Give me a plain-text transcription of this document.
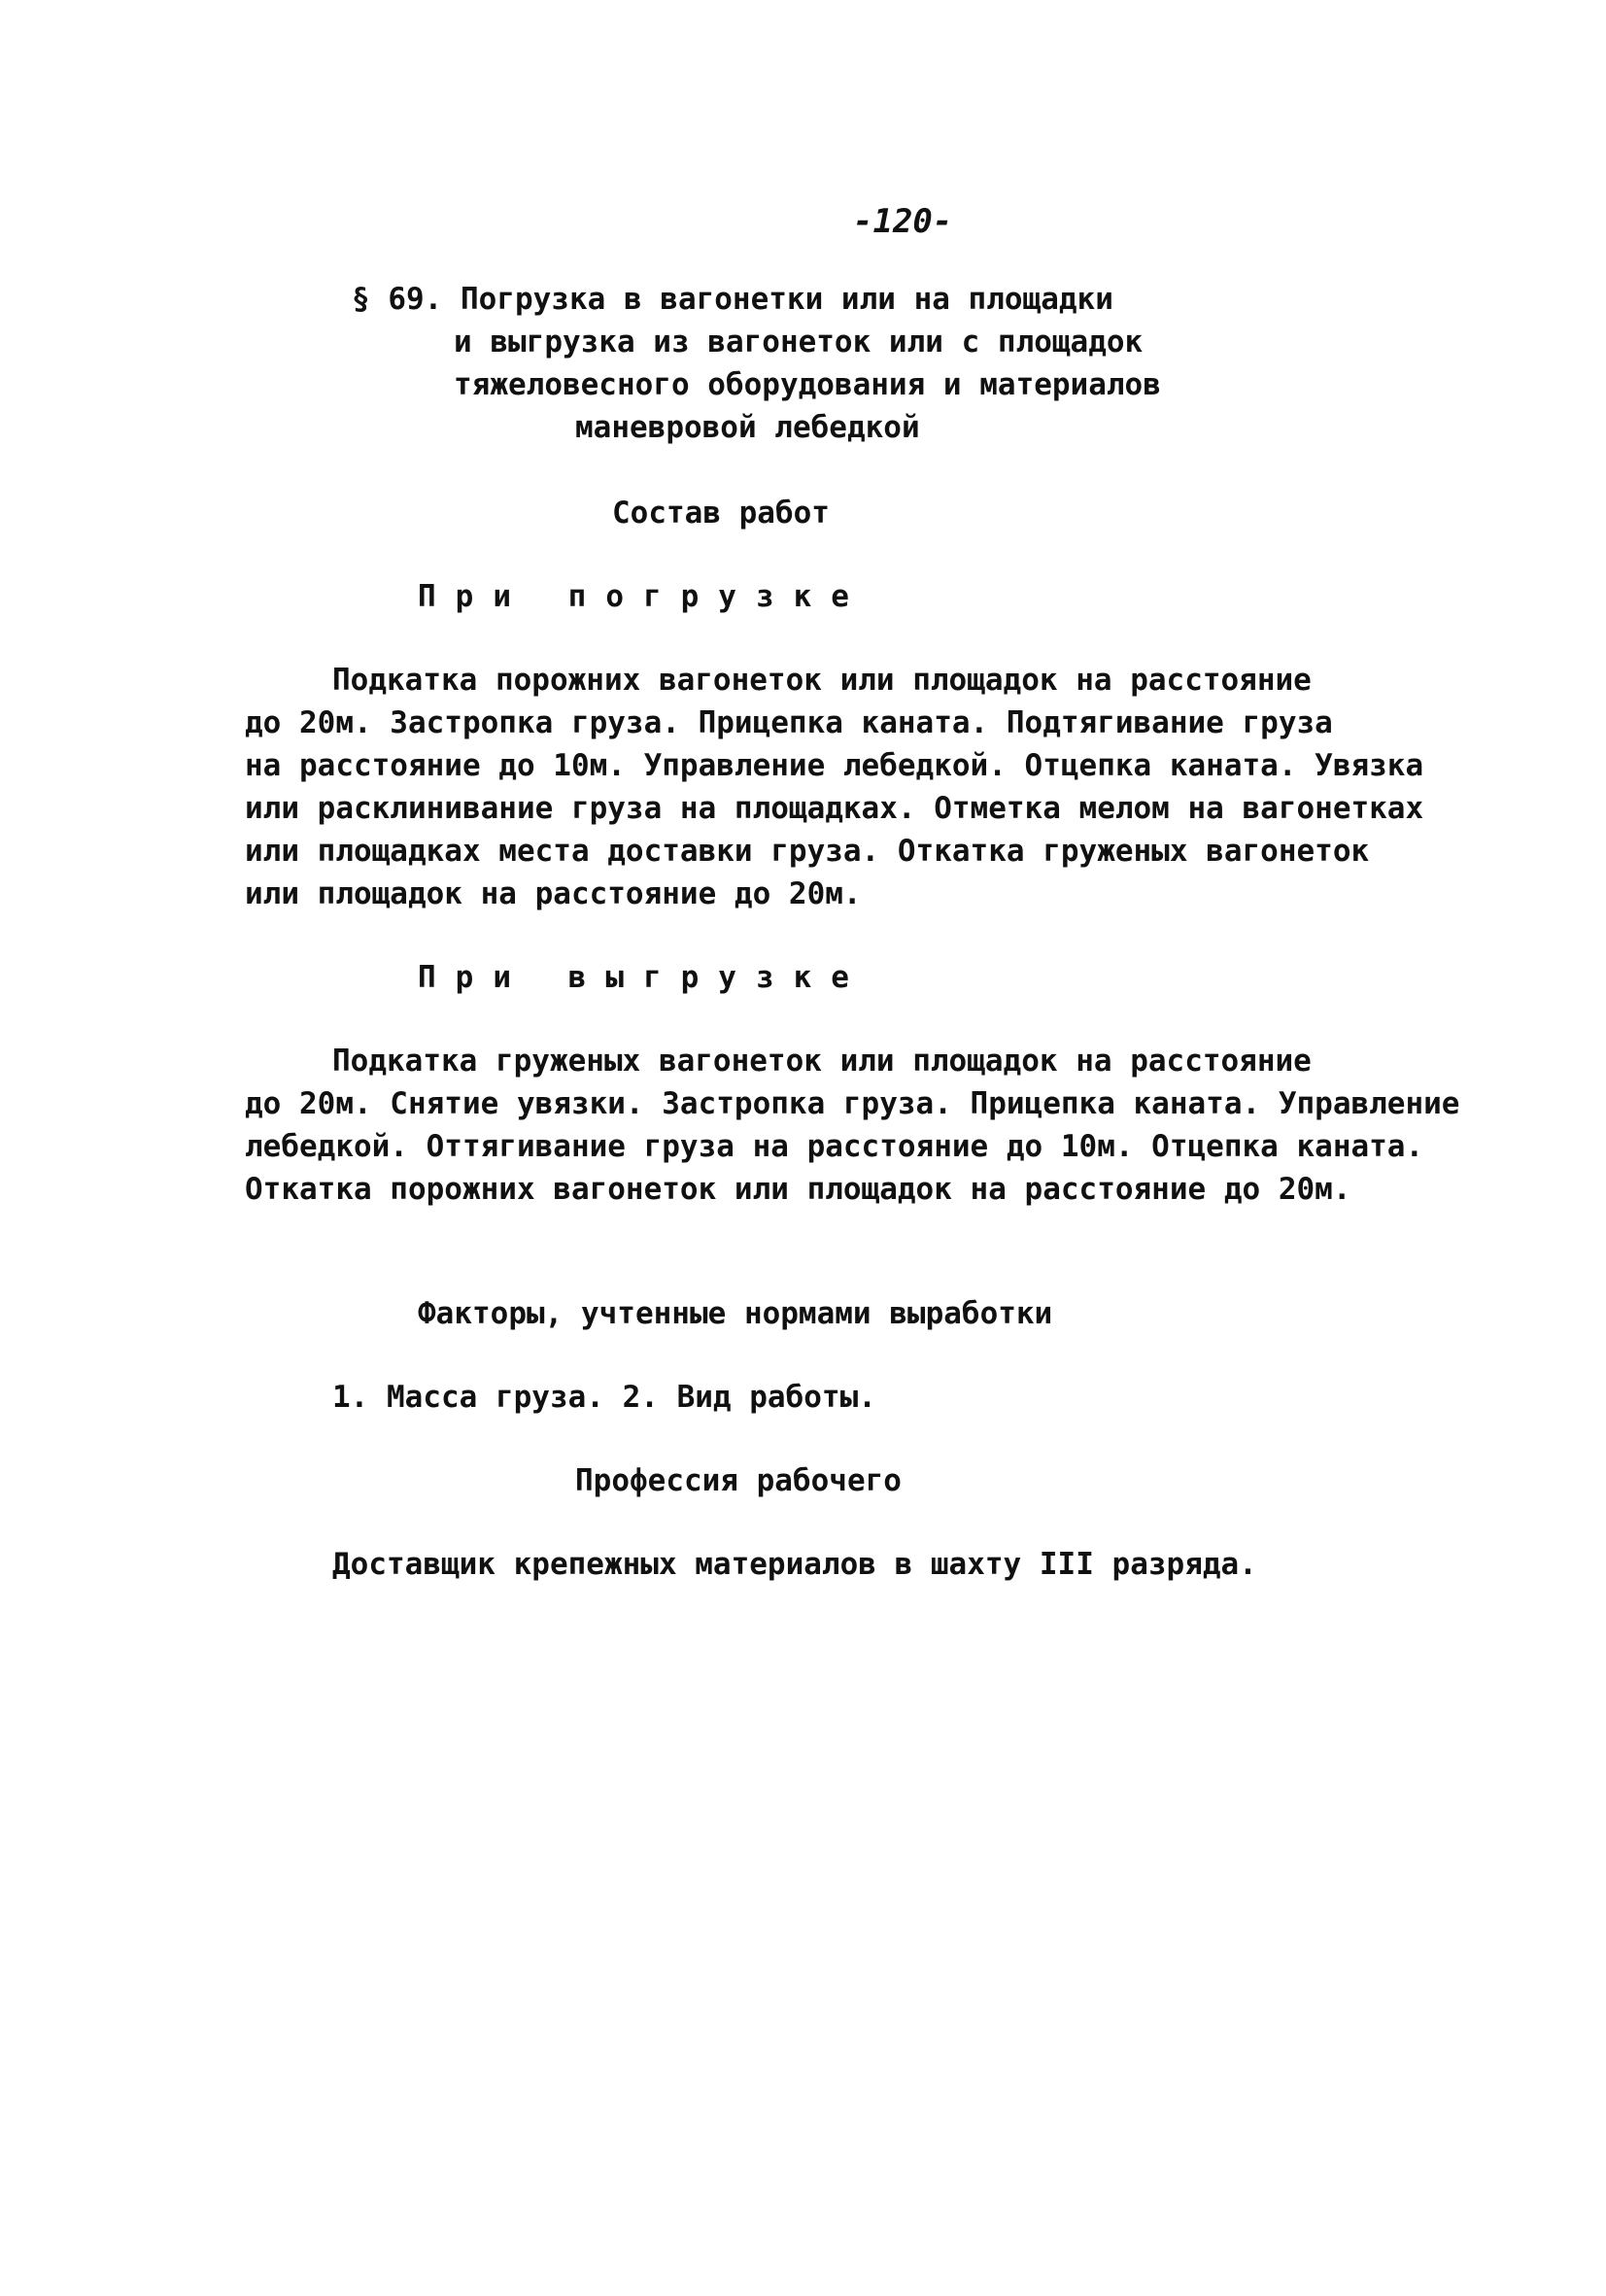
-120-
§ 69. Погрузка в вагонетки или на площадки
и выгрузка из вагонеток или с площадок
тяжеловесного оборудования и материалов
маневровой лебедкой
Состав работ
При погрузке
Подкатка порожних вагонеток или площадок на расстояние
до 20м. Застропка груза. Прицепка каната. Подтягивание груза
на расстояние до 10м. Управление лебедкой. Отцепка каната. Увязка
или расклинивание груза на площадках. Отметка мелом на вагонетках
или площадках места доставки груза. Откатка груженых вагонеток
или площадок на расстояние до 20м.
При выгрузке
Подкатка груженых вагонеток или площадок на расстояние
до 20м. Снятие увязки. Застропка груза. Прицепка каната. Управление
лебедкой. Оттягивание груза на расстояние до 10м. Отцепка каната.
Откатка порожних вагонеток или площадок на расстояние до 20м.
Факторы, учтенные нормами выработки
1. Масса груза. 2. Вид работы.
Профессия рабочего
Доставщик крепежных материалов в шахту III разряда.
